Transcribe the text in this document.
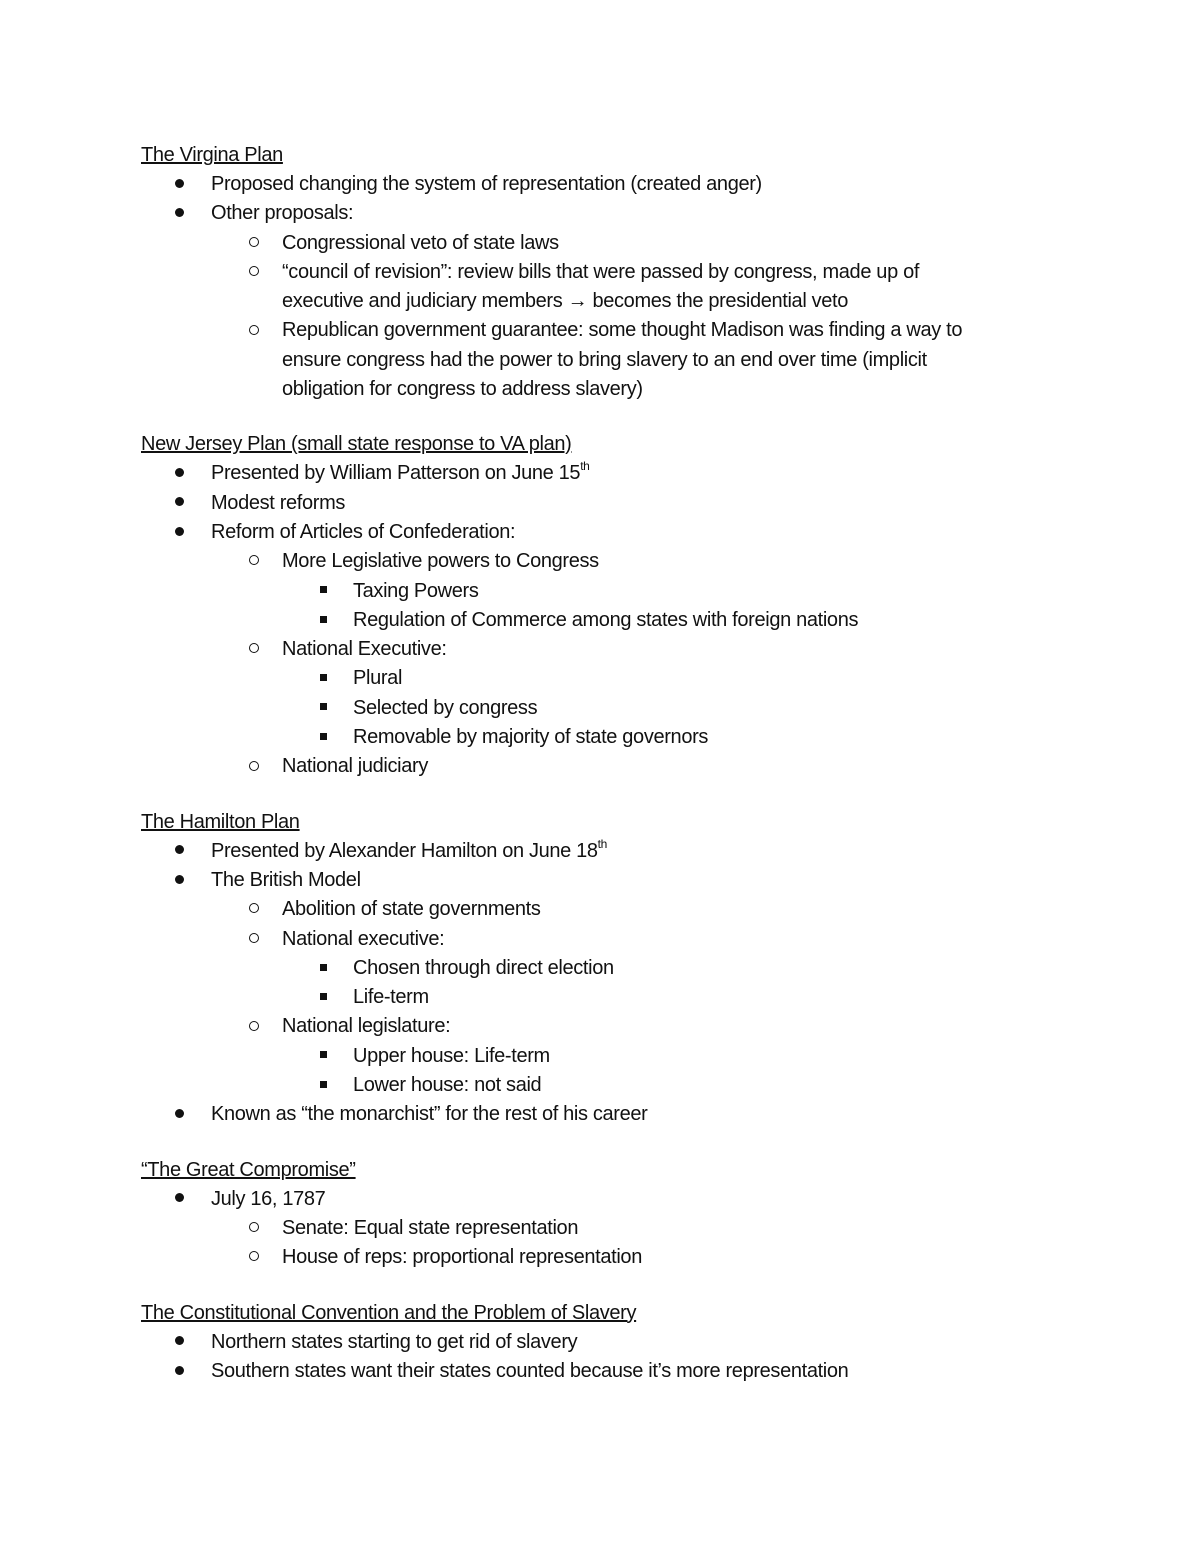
The Virgina Plan
Proposed changing the system of representation (created anger)
Other proposals:
Congressional veto of state laws
“council of revision”: review bills that were passed by congress, made up of
executive and judiciary members → becomes the presidential veto
Republican government guarantee: some thought Madison was finding a way to
ensure congress had the power to bring slavery to an end over time (implicit
obligation for congress to address slavery)
New Jersey Plan (small state response to VA plan)
Presented by William Patterson on June 15th
Modest reforms
Reform of Articles of Confederation:
More Legislative powers to Congress
Taxing Powers
Regulation of Commerce among states with foreign nations
National Executive:
Plural
Selected by congress
Removable by majority of state governors
National judiciary
The Hamilton Plan
Presented by Alexander Hamilton on June 18th
The British Model
Abolition of state governments
National executive:
Chosen through direct election
Life-term
National legislature:
Upper house: Life-term
Lower house: not said
Known as “the monarchist” for the rest of his career
“The Great Compromise”
July 16, 1787
Senate: Equal state representation
House of reps: proportional representation
The Constitutional Convention and the Problem of Slavery
Northern states starting to get rid of slavery
Southern states want their states counted because it’s more representation
